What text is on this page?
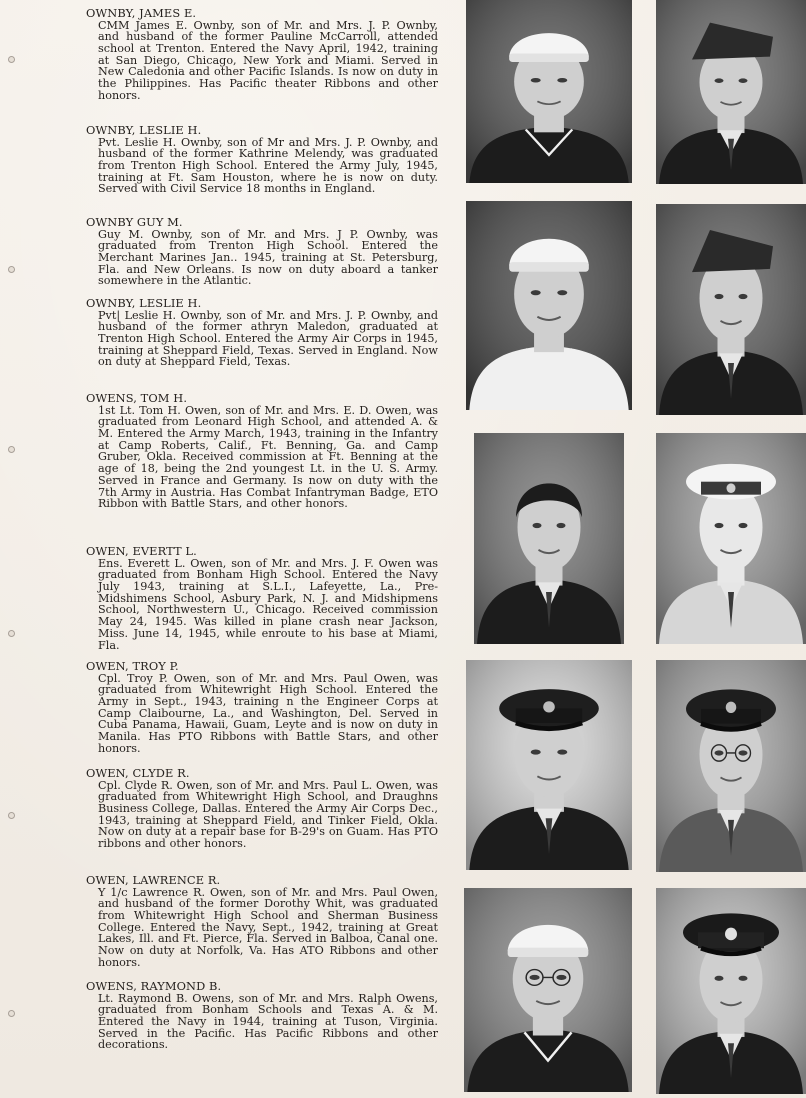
OWNBY, JAMES E.
CMM James E. Ownby, son of Mr. and Mrs. J. P. Ownby, and husband of the former Pauline McCarroll, attended school at Trenton. Entered the Navy April, 1942, training at San Diego, Chicago, New York and Miami. Served in New Caledonia and other Pacific Islands. Is now on duty in the Philippines. Has Pacific theater Ribbons and other honors.
OWNBY, LESLIE H.
Pvt. Leslie H. Ownby, son of Mr and Mrs. J. P. Ownby, and husband of the former Kathrine Melendy, was graduated from Trenton High School. Entered the Army July, 1945, training at Ft. Sam Houston, where he is now on duty. Served with Civil Service 18 months in England.
OWNBY GUY M.
Guy M. Ownby, son of Mr. and Mrs. J P. Ownby, was graduated from Trenton High School. Entered the Merchant Marines Jan.. 1945, training at St. Petersburg, Fla. and New Orleans. Is now on duty aboard a tanker somewhere in the Atlantic.
OWNBY, LESLIE H.
Pvt| Leslie H. Ownby, son of Mr. and Mrs. J. P. Ownby, and husband of the former athryn Maledon, graduated at Trenton High School. Entered the Army Air Corps in 1945, training at Sheppard Field, Texas. Served in England. Now on duty at Sheppard Field, Texas.
OWENS, TOM H.
1st Lt. Tom H. Owen, son of Mr. and Mrs. E. D. Owen, was graduated from Leonard High School, and attended A. & M. Entered the Army March, 1943, training in the Infantry at Camp Roberts, Calif., Ft. Benning, Ga. and Camp Gruber, Okla. Received commission at Ft. Benning at the age of 18, being the 2nd youngest Lt. in the U. S. Army. Served in France and Germany. Is now on duty with the 7th Army in Austria. Has Combat Infantryman Badge, ETO Ribbon with Battle Stars, and other honors.
OWEN, EVERTT L.
Ens. Everett L. Owen, son of Mr. and Mrs. J. F. Owen was graduated from Bonham High School. Entered the Navy July 1943, training at S.L.I., Lafeyette, La., Pre-Midshimens School, Asbury Park, N. J. and Midshipmens School, Northwestern U., Chicago. Received commission May 24, 1945. Was killed in plane crash near Jackson, Miss. June 14, 1945, while enroute to his base at Miami, Fla.
OWEN, TROY P.
Cpl. Troy P. Owen, son of Mr. and Mrs. Paul Owen, was graduated from Whitewright High School. Entered the Army in Sept., 1943, training n the Engineer Corps at Camp Claibourne, La., and Washington, Del. Served in Cuba Panama, Hawaii, Guam, Leyte and is now on duty in Manila. Has PTO Ribbons with Battle Stars, and other honors.
OWEN, CLYDE R.
Cpl. Clyde R. Owen, son of Mr. and Mrs. Paul L. Owen, was graduated from Whitewright High School, and Draughns Business College, Dallas. Entered the Army Air Corps Dec., 1943, training at Sheppard Field, and Tinker Field, Okla. Now on duty at a repair base for B-29's on Guam. Has PTO ribbons and other honors.
OWEN, LAWRENCE R.
Y 1/c Lawrence R. Owen, son of Mr. and Mrs. Paul Owen, and husband of the former Dorothy Whit, was graduated from Whitewright High School and Sherman Business College. Entered the Navy, Sept., 1942, training at Great Lakes, Ill. and Ft. Pierce, Fla. Served in Balboa, Canal one. Now on duty at Norfolk, Va. Has ATO Ribbons and other honors.
OWENS, RAYMOND B.
Lt. Raymond B. Owens, son of Mr. and Mrs. Ralph Owens, graduated from Bonham Schools and Texas A. & M. Entered the Navy in 1944, training at Tuson, Virginia. Served in the Pacific. Has Pacific Ribbons and other decorations.
